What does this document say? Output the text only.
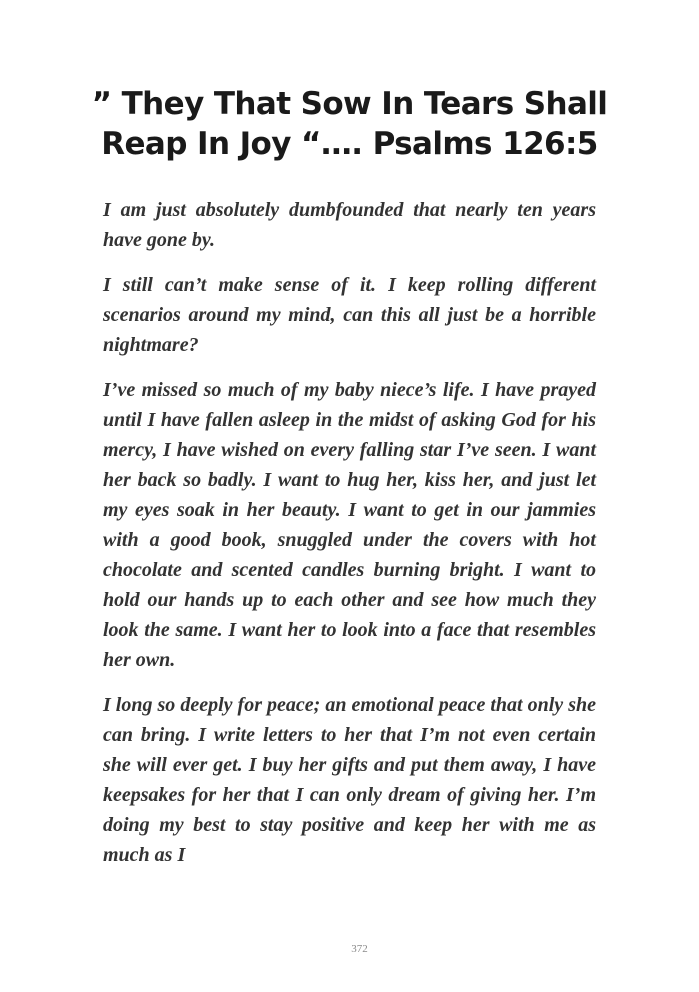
” They That Sow In Tears Shall Reap In Joy “…. Psalms 126:5

I am just absolutely dumbfounded that nearly ten years have gone by.

I still can’t make sense of it. I keep rolling different scenarios around my mind, can this all just be a horrible nightmare?

I’ve missed so much of my baby niece’s life. I have prayed until I have fallen asleep in the midst of asking God for his mercy, I have wished on every falling star I’ve seen. I want her back so badly. I want to hug her, kiss her, and just let my eyes soak in her beauty. I want to get in our jammies with a good book, snuggled under the covers with hot chocolate and scented candles burning bright. I want to hold our hands up to each other and see how much they look the same. I want her to look into a face that resembles her own.

I long so deeply for peace; an emotional peace that only she can bring. I write letters to her that I’m not even certain she will ever get. I buy her gifts and put them away, I have keepsakes for her that I can only dream of giving her. I’m doing my best to stay positive and keep her with me as much as I

372
